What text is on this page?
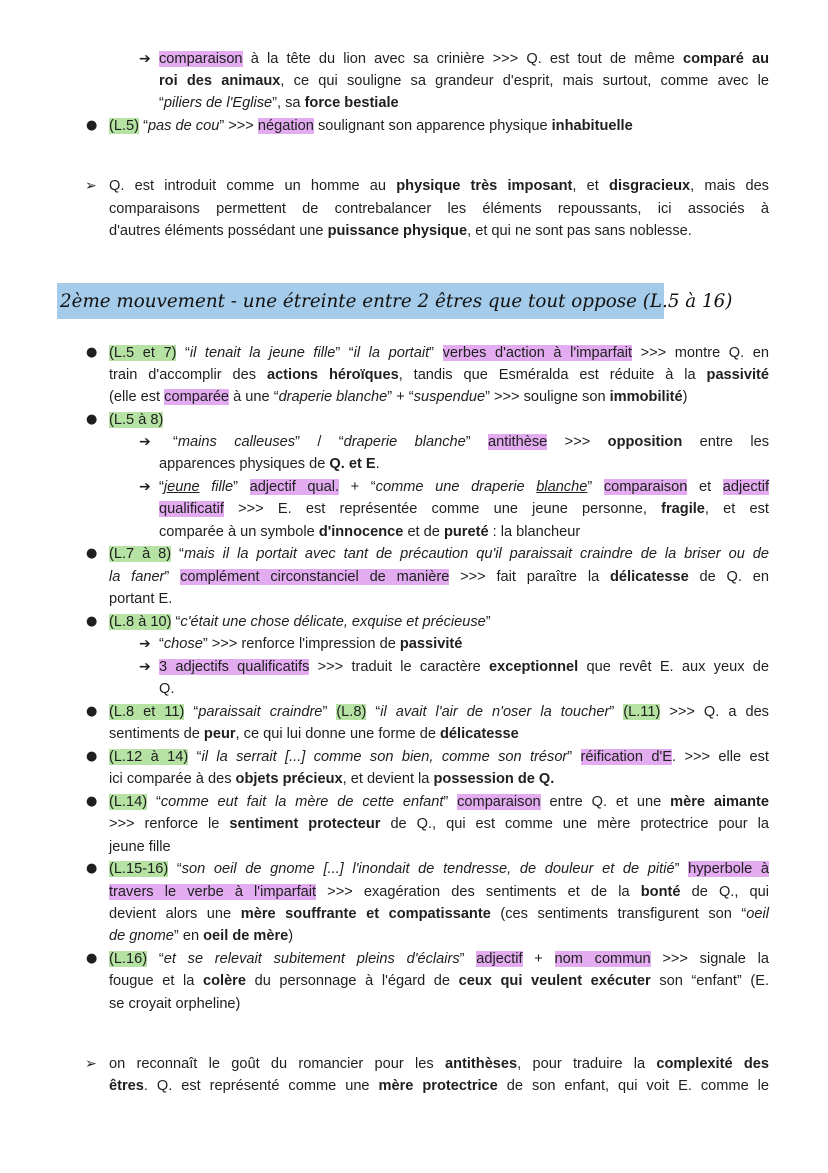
➔ comparaison à la tête du lion avec sa crinière >>> Q. est tout de même comparé au
roi des animaux, ce qui souligne sa grandeur d'esprit, mais surtout, comme avec le
“piliers de l'Eglise”, sa force bestiale
● (L.5) “pas de cou” >>> négation soulignant son apparence physique inhabituelle
➢ Q. est introduit comme un homme au physique très imposant, et disgracieux, mais des
comparaisons permettent de contrebalancer les éléments repoussants, ici associés à
d'autres éléments possédant une puissance physique, et qui ne sont pas sans noblesse.
2ème mouvement - une étreinte entre 2 êtres que tout oppose (L.5 à 16)
● (L.5 et 7) “il tenait la jeune fille” “il la portait” verbes d'action à l'imparfait >>> montre Q. en
train d'accomplir des actions héroïques, tandis que Esméralda est réduite à la passivité
(elle est comparée à une “draperie blanche” + “suspendue” >>> souligne son immobilité)
● (L.5 à 8)
➔ “mains calleuses” / “draperie blanche” antithèse >>> opposition entre les
apparences physiques de Q. et E.
➔ “jeune fille” adjectif qual. + “comme une draperie blanche” comparaison et adjectif
qualificatif >>> E. est représentée comme une jeune personne, fragile, et est
comparée à un symbole d'innocence et de pureté : la blancheur
● (L.7 à 8) “mais il la portait avec tant de précaution qu'il paraissait craindre de la briser ou de
la faner” complément circonstanciel de manière >>> fait paraître la délicatesse de Q. en
portant E.
● (L.8 à 10) “c'était une chose délicate, exquise et précieuse”
➔ “chose” >>> renforce l'impression de passivité
➔ 3 adjectifs qualificatifs >>> traduit le caractère exceptionnel que revêt E. aux yeux de
Q.
● (L.8 et 11) “paraissait craindre” (L.8) “il avait l'air de n'oser la toucher” (L.11) >>> Q. a des
sentiments de peur, ce qui lui donne une forme de délicatesse
● (L.12 à 14) “il la serrait [...] comme son bien, comme son trésor” réification d'E. >>> elle est
ici comparée à des objets précieux, et devient la possession de Q.
● (L.14) “comme eut fait la mère de cette enfant” comparaison entre Q. et une mère aimante
>>> renforce le sentiment protecteur de Q., qui est comme une mère protectrice pour la
jeune fille
● (L.15-16) “son oeil de gnome [...] l'inondait de tendresse, de douleur et de pitié” hyperbole à
travers le verbe à l'imparfait >>> exagération des sentiments et de la bonté de Q., qui
devient alors une mère souffrante et compatissante (ces sentiments transfigurent son “oeil
de gnome” en oeil de mère)
● (L.16) “et se relevait subitement pleins d'éclairs” adjectif + nom commun >>> signale la
fougue et la colère du personnage à l'égard de ceux qui veulent exécuter son “enfant” (E.
se croyait orpheline)
➢ on reconnaît le goût du romancier pour les antithèses, pour traduire la complexité des
êtres. Q. est représenté comme une mère protectrice de son enfant, qui voit E. comme le
